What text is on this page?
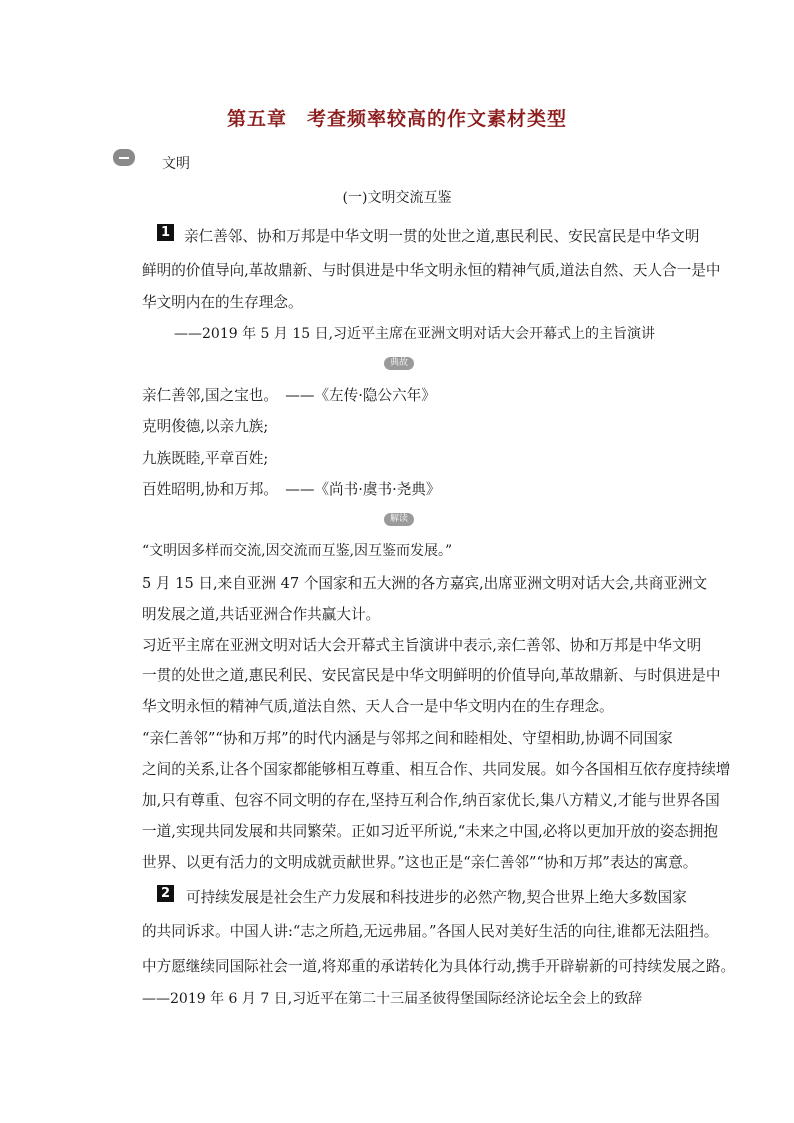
第五章　考查频率较高的作文素材类型
文明
(一)文明交流互鉴
1 亲仁善邻、协和万邦是中华文明一贯的处世之道,惠民利民、安民富民是中华文明
鲜明的价值导向,革故鼎新、与时俱进是中华文明永恒的精神气质,道法自然、天人合一是中
华文明内在的生存理念。
——2019 年 5 月 15 日,习近平主席在亚洲文明对话大会开幕式上的主旨演讲
典故
亲仁善邻,国之宝也。　——《左传·隐公六年》
克明俊德,以亲九族;
九族既睦,平章百姓;
百姓昭明,协和万邦。　——《尚书·虞书·尧典》
解读
“文明因多样而交流,因交流而互鉴,因互鉴而发展。”
5 月 15 日,来自亚洲 47 个国家和五大洲的各方嘉宾,出席亚洲文明对话大会,共商亚洲文
明发展之道,共话亚洲合作共赢大计。
习近平主席在亚洲文明对话大会开幕式主旨演讲中表示,亲仁善邻、协和万邦是中华文明
一贯的处世之道,惠民利民、安民富民是中华文明鲜明的价值导向,革故鼎新、与时俱进是中
华文明永恒的精神气质,道法自然、天人合一是中华文明内在的生存理念。
“亲仁善邻”“协和万邦”的时代内涵是与邻邦之间和睦相处、守望相助,协调不同国家
之间的关系,让各个国家都能够相互尊重、相互合作、共同发展。如今各国相互依存度持续增
加,只有尊重、包容不同文明的存在,坚持互利合作,纳百家优长,集八方精义,才能与世界各国
一道,实现共同发展和共同繁荣。正如习近平所说,“未来之中国,必将以更加开放的姿态拥抱
世界、以更有活力的文明成就贡献世界。”这也正是“亲仁善邻”“协和万邦”表达的寓意。
2 可持续发展是社会生产力发展和科技进步的必然产物,契合世界上绝大多数国家
的共同诉求。中国人讲:“志之所趋,无远弗届。”各国人民对美好生活的向往,谁都无法阻挡。
中方愿继续同国际社会一道,将郑重的承诺转化为具体行动,携手开辟崭新的可持续发展之路。
——2019 年 6 月 7 日,习近平在第二十三届圣彼得堡国际经济论坛全会上的致辞
